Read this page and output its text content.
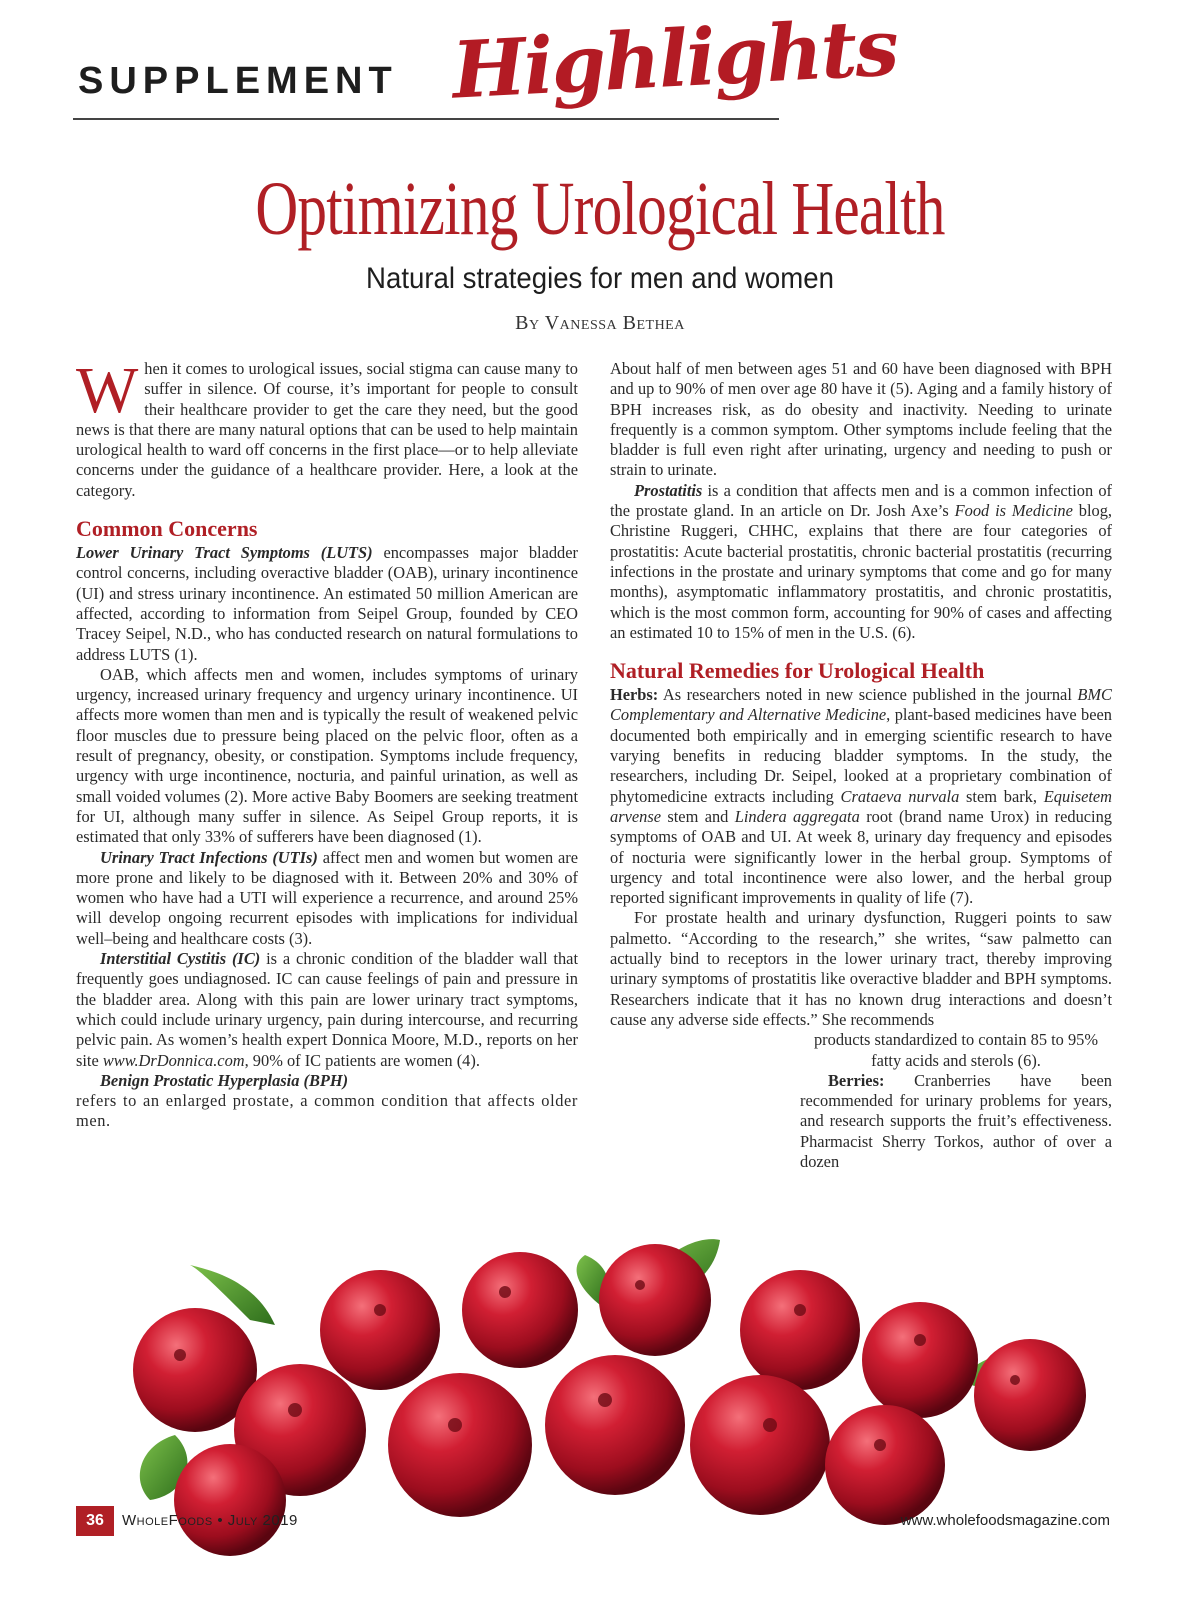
SUPPLEMENT Highlights
Optimizing Urological Health
Natural strategies for men and women
By Vanessa Bethea

When it comes to urological issues, social stigma can cause many to suffer in silence. Of course, it’s important for people to consult their healthcare provider to get the care they need, but the good news is that there are many natural options that can be used to help maintain urological health to ward off concerns in the first place—or to help alleviate concerns under the guidance of a healthcare provider. Here, a look at the category.

Common Concerns

Lower Urinary Tract Symptoms (LUTS) encompasses major bladder control concerns, including overactive bladder (OAB), urinary incontinence (UI) and stress urinary incontinence. An estimated 50 million American are affected, according to information from Seipel Group, founded by CEO Tracey Seipel, N.D., who has conducted research on natural formulations to address LUTS (1).

OAB, which affects men and women, includes symptoms of urinary urgency, increased urinary frequency and urgency urinary incontinence. UI affects more women than men and is typically the result of weakened pelvic floor muscles due to pressure being placed on the pelvic floor, often as a result of pregnancy, obesity, or constipation. Symptoms include frequency, urgency with urge incontinence, nocturia, and painful urination, as well as small voided volumes (2). More active Baby Boomers are seeking treatment for UI, although many suffer in silence. As Seipel Group reports, it is estimated that only 33% of sufferers have been diagnosed (1).

Urinary Tract Infections (UTIs) affect men and women but women are more prone and likely to be diagnosed with it. Between 20% and 30% of women who have had a UTI will experience a recurrence, and around 25% will develop ongoing recurrent episodes with implications for individual well–being and healthcare costs (3).

Interstitial Cystitis (IC) is a chronic condition of the bladder wall that frequently goes undiagnosed. IC can cause feelings of pain and pressure in the bladder area. Along with this pain are lower urinary tract symptoms, which could include urinary urgency, pain during intercourse, and recurring pelvic pain. As women’s health expert Donnica Moore, M.D., reports on her site www.DrDonnica.com, 90% of IC patients are women (4).

Benign Prostatic Hyperplasia (BPH)

refers to an enlarged prostate, a common condition that affects older men.

About half of men between ages 51 and 60 have been diagnosed with BPH and up to 90% of men over age 80 have it (5). Aging and a family history of BPH increases risk, as do obesity and inactivity. Needing to urinate frequently is a common symptom. Other symptoms include feeling that the bladder is full even right after urinating, urgency and needing to push or strain to urinate.

Prostatitis is a condition that affects men and is a common infection of the prostate gland. In an article on Dr. Josh Axe’s Food is Medicine blog, Christine Ruggeri, CHHC, explains that there are four categories of prostatitis: Acute bacterial prostatitis, chronic bacterial prostatitis (recurring infections in the prostate and urinary symptoms that come and go for many months), asymptomatic inflammatory prostatitis, and chronic prostatitis, which is the most common form, accounting for 90% of cases and affecting an estimated 10 to 15% of men in the U.S. (6).

Natural Remedies for Urological Health

Herbs: As researchers noted in new science published in the journal BMC Complementary and Alternative Medicine, plant-based medicines have been documented both empirically and in emerging scientific research to have varying benefits in reducing bladder symptoms. In the study, the researchers, including Dr. Seipel, looked at a proprietary combination of phytomedicine extracts including Crataeva nurvala stem bark, Equisetem arvense stem and Lindera aggregata root (brand name Urox) in reducing symptoms of OAB and UI. At week 8, urinary day frequency and episodes of nocturia were significantly lower in the herbal group. Symptoms of urgency and total incontinence were also lower, and the herbal group reported significant improvements in quality of life (7).

For prostate health and urinary dysfunction, Ruggeri points to saw palmetto. “According to the research,” she writes, “saw palmetto can actually bind to receptors in the lower urinary tract, thereby improving urinary symptoms of prostatitis like overactive bladder and BPH symptoms. Researchers indicate that it has no known drug interactions and doesn’t cause any adverse side effects.” She recommends

products standardized to contain 85 to 95% fatty acids and sterols (6).

Berries: Cranberries have been recommended for urinary problems for years, and research supports the fruit’s effectiveness. Pharmacist Sherry Torkos, author of over a dozen

36	WholeFoods • July 2019	www.wholefoodsmagazine.com
